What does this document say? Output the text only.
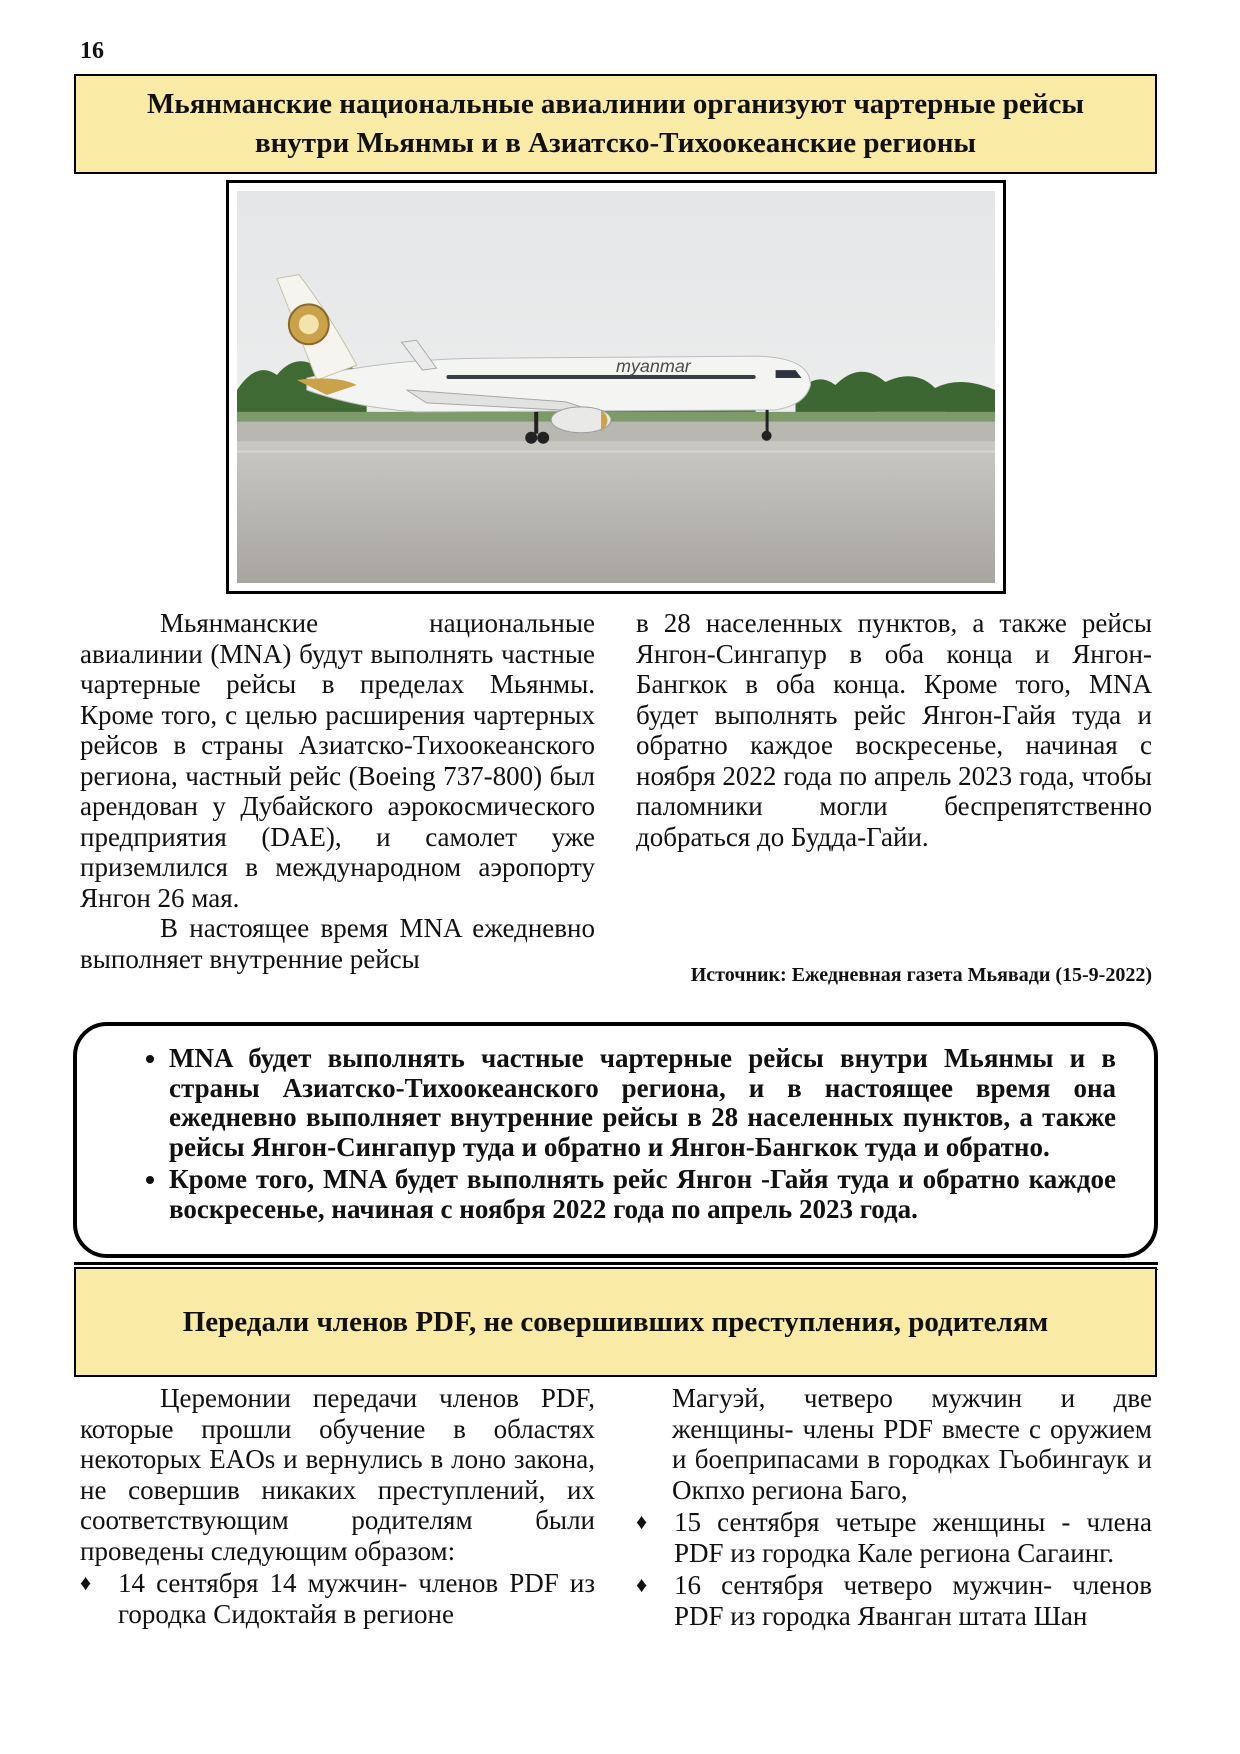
16
Мьянманские национальные авиалинии организуют чартерные рейсы внутри Мьянмы и в Азиатско-Тихоокеанские регионы
myanmar

Мьянманские национальные авиалинии (MNA) будут выполнять частные чартерные рейсы в пределах Мьянмы. Кроме того, с целью расширения чартерных рейсов в страны Азиатско-Тихоокеанского региона, частный рейс (Boeing 737-800) был арендован у Дубайского аэрокосмического предприятия (DAE), и самолет уже приземлился в международном аэропорту Янгон 26 мая.

В настоящее время MNA ежедневно выполняет внутренние рейсы

в 28 населенных пунктов, а также рейсы Янгон-Сингапур в оба конца и Янгон-Бангкок в оба конца. Кроме того, MNA будет выполнять рейс Янгон-Гайя туда и обратно каждое воскресенье, начиная с ноября 2022 года по апрель 2023 года, чтобы паломники могли беспрепятственно добраться до Будда-Гайи.

Источник: Ежедневная газета Мьявади (15-9-2022)
• MNA будет выполнять частные чартерные рейсы внутри Мьянмы и в страны Азиатско-Тихоокеанского региона, и в настоящее время она ежедневно выполняет внутренние рейсы в 28 населенных пунктов, а также рейсы Янгон-Сингапур туда и обратно и Янгон-Бангкок туда и обратно.
• Кроме того, MNA будет выполнять рейс Янгон -Гайя туда и обратно каждое воскресенье, начиная с ноября 2022 года по апрель 2023 года.
Передали членов PDF, не совершивших преступления, родителям

Церемонии передачи членов PDF, которые прошли обучение в областях некоторых EAOs и вернулись в лоно закона, не совершив никаких преступлений, их соответствующим родителям были проведены следующим образом:

♦ 14 сентября 14 мужчин- членов PDF из городка Сидоктайя в регионе

Магуэй, четверо мужчин и две женщины- члены PDF вместе с оружием и боеприпасами в городках Гьобингаук и Окпхо региона Баго,

♦ 15 сентября четыре женщины - члена PDF из городка Кале региона Сагаинг.
♦ 16 сентября четверо мужчин- членов PDF из городка Яванган штата Шан
